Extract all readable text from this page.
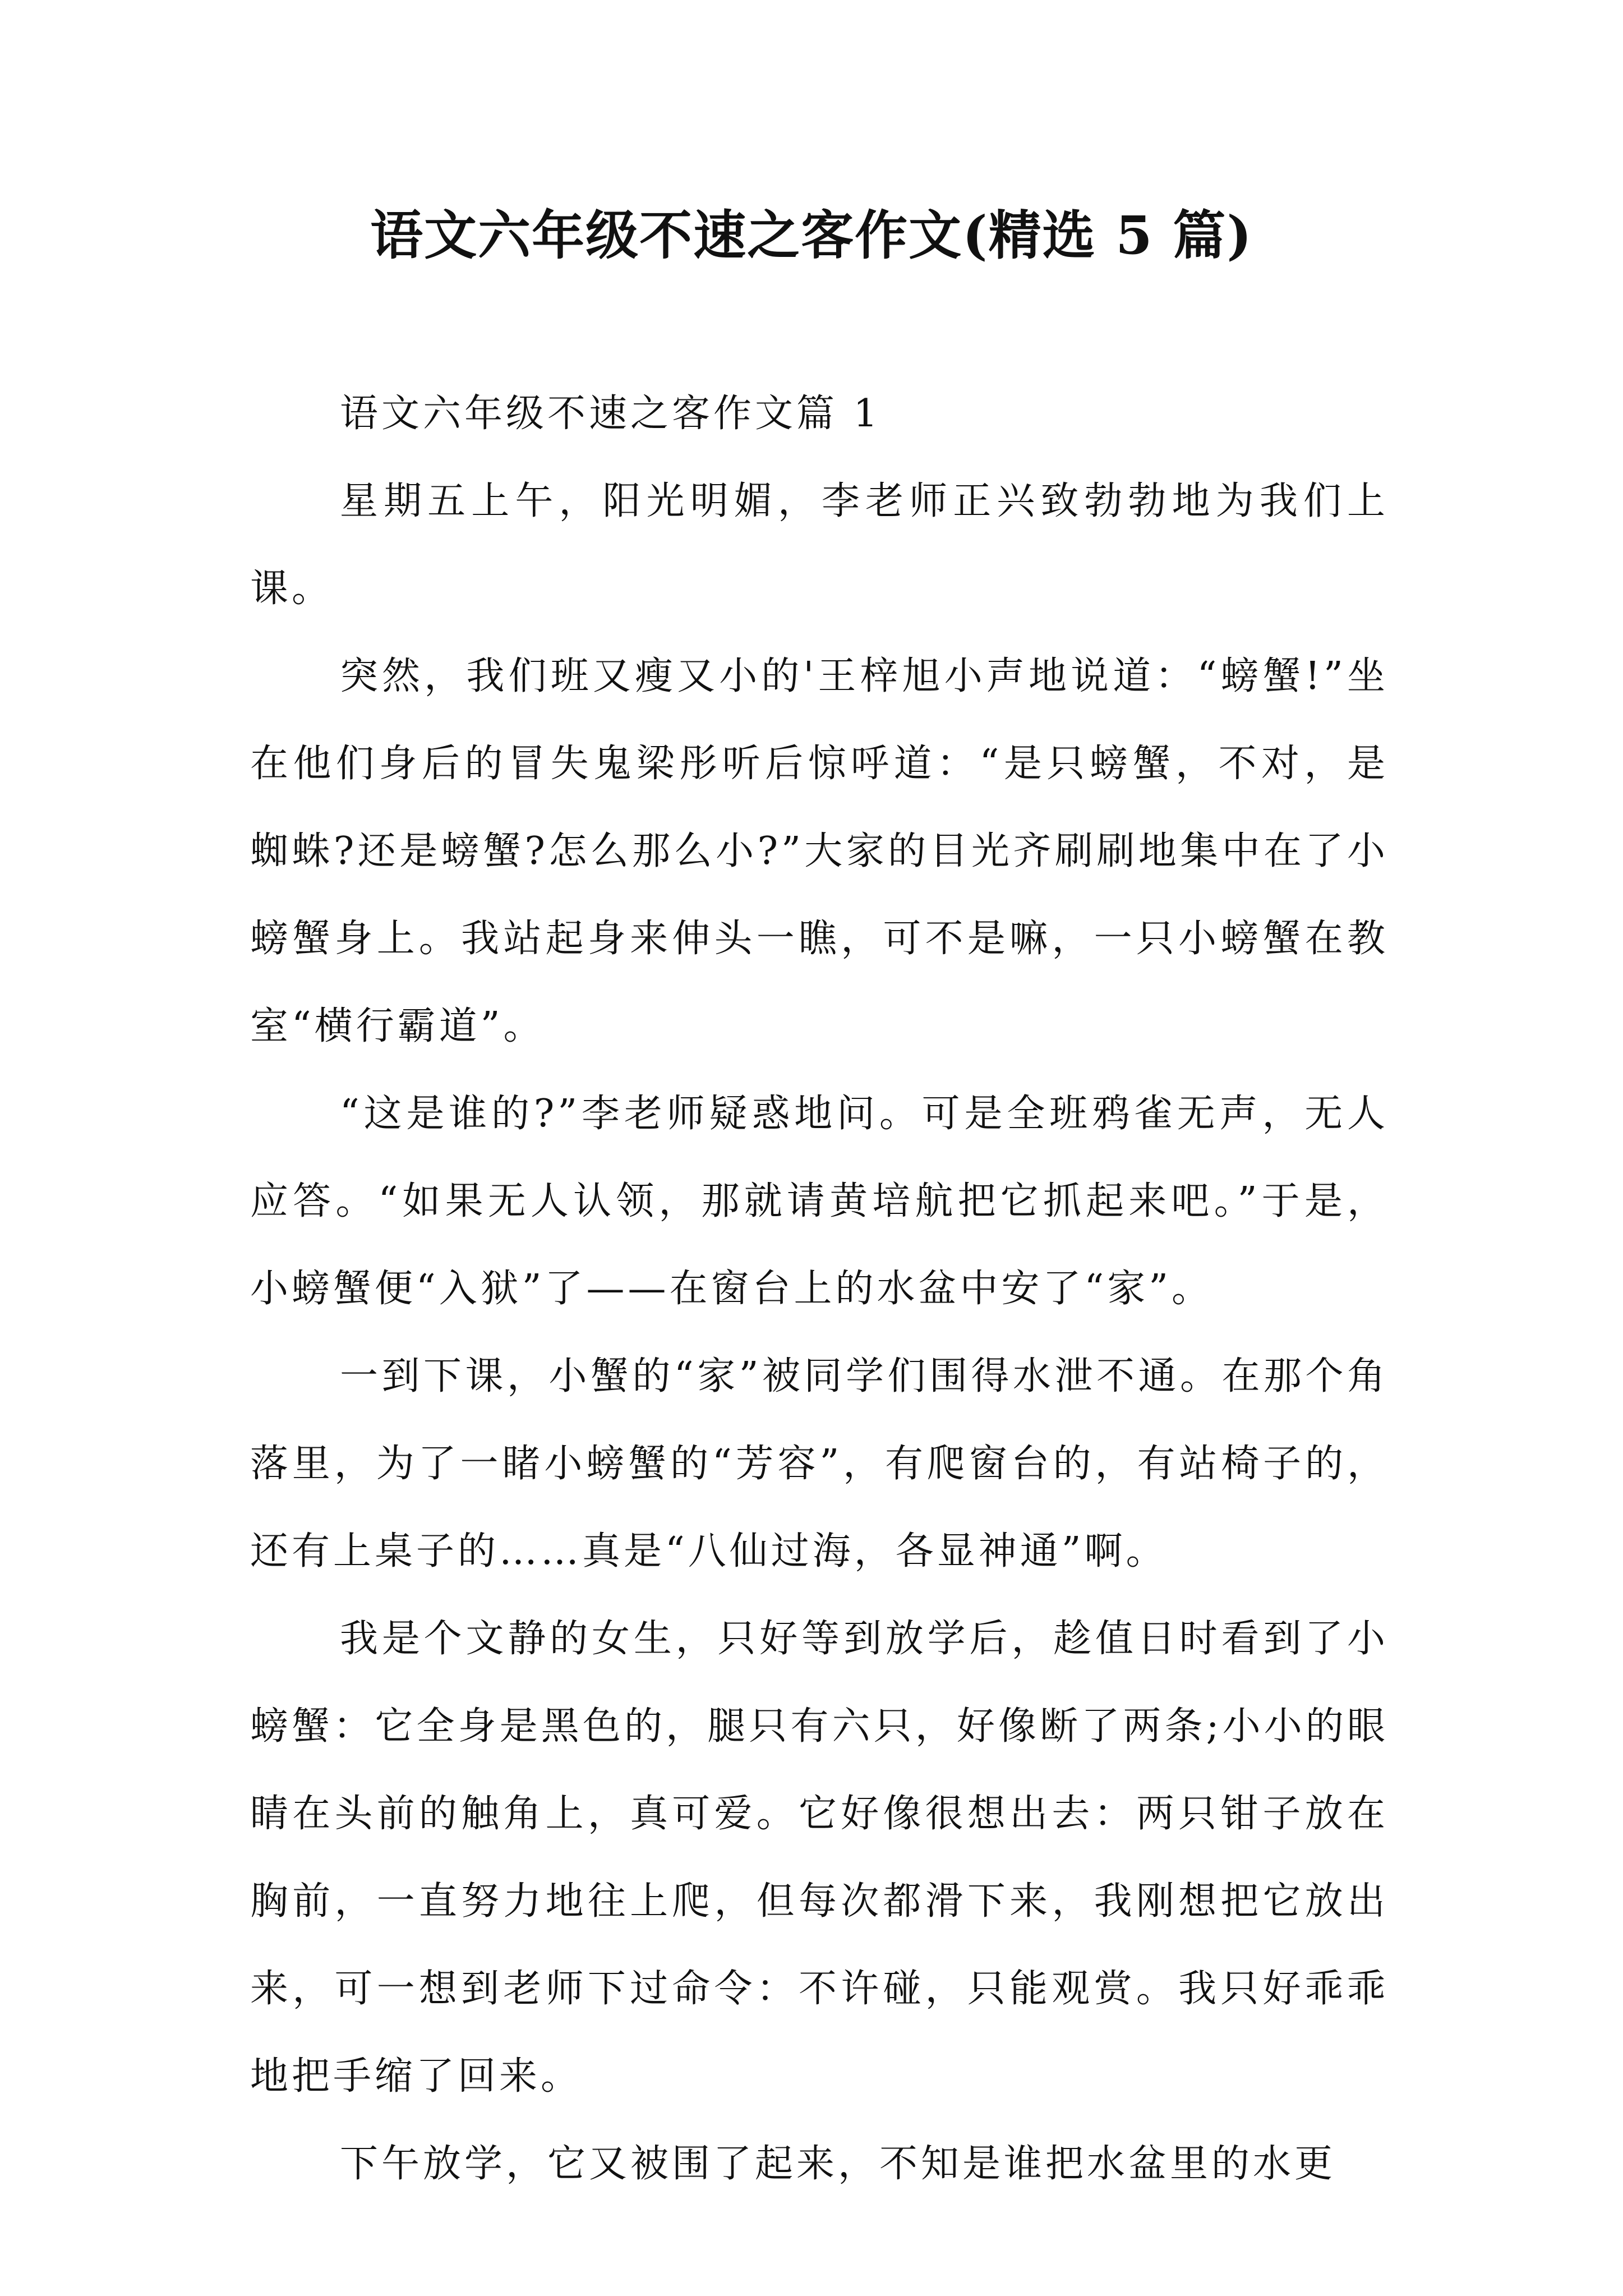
语文六年级不速之客作文(精选 5 篇)

语文六年级不速之客作文篇 1

星期五上午，阳光明媚，李老师正兴致勃勃地为我们上课。

突然，我们班又瘦又小的'王梓旭小声地说道：“螃蟹!”坐在他们身后的冒失鬼梁彤听后惊呼道：“是只螃蟹，不对，是蜘蛛?还是螃蟹?怎么那么小?”大家的目光齐刷刷地集中在了小螃蟹身上。我站起身来伸头一瞧，可不是嘛，一只小螃蟹在教室“横行霸道”。

“这是谁的?”李老师疑惑地问。可是全班鸦雀无声，无人应答。“如果无人认领，那就请黄培航把它抓起来吧。”于是，小螃蟹便“入狱”了——在窗台上的水盆中安了“家”。

一到下课，小蟹的“家”被同学们围得水泄不通。在那个角落里，为了一睹小螃蟹的“芳容”，有爬窗台的，有站椅子的，还有上桌子的……真是“八仙过海，各显神通”啊。

我是个文静的女生，只好等到放学后，趁值日时看到了小螃蟹：它全身是黑色的，腿只有六只，好像断了两条;小小的眼睛在头前的触角上，真可爱。它好像很想出去：两只钳子放在胸前，一直努力地往上爬，但每次都滑下来，我刚想把它放出来，可一想到老师下过命令：不许碰，只能观赏。我只好乖乖地把手缩了回来。

下午放学，它又被围了起来，不知是谁把水盆里的水更
